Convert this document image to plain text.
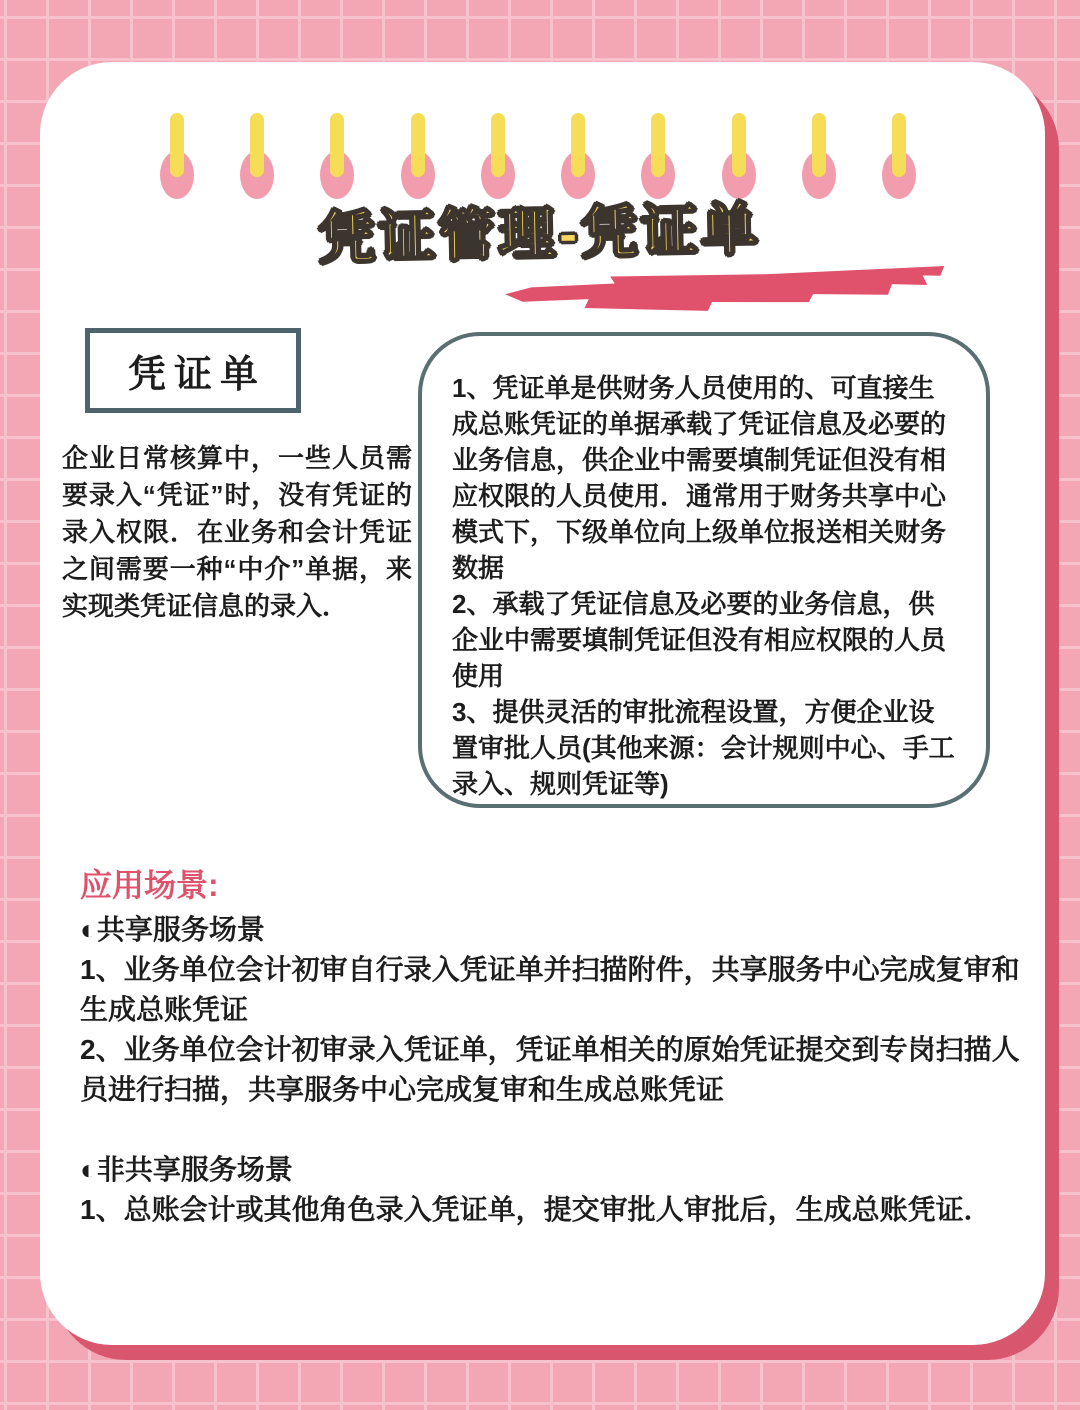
凭证管理-凭证单
凭证单
企业日常核算中，一些人员需要录入“凭证”时，没有凭证的录入权限．在业务和会计凭证之间需要一种“中介”单据，来实现类凭证信息的录入．

1、凭证单是供财务人员使用的、可直接生成总账凭证的单据承载了凭证信息及必要的业务信息，供企业中需要填制凭证但没有相应权限的人员使用．通常用于财务共享中心模式下，下级单位向上级单位报送相关财务数据

2、承载了凭证信息及必要的业务信息，供企业中需要填制凭证但没有相应权限的人员使用

3、提供灵活的审批流程设置，方便企业设置审批人员(其他来源：会计规则中心、手工录入、规则凭证等)

应用场景:
◐共享服务场景

1、业务单位会计初审自行录入凭证单并扫描附件，共享服务中心完成复审和生成总账凭证

2、业务单位会计初审录入凭证单，凭证单相关的原始凭证提交到专岗扫描人员进行扫描，共享服务中心完成复审和生成总账凭证

◐非共享服务场景

1、总账会计或其他角色录入凭证单，提交审批人审批后，生成总账凭证．
